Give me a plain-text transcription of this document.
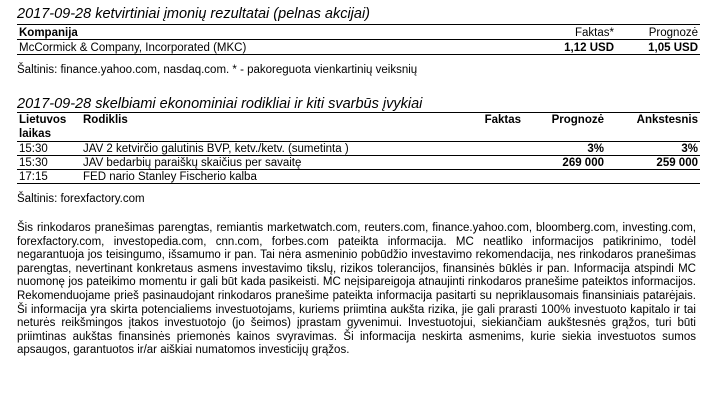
2017-09-28 ketvirtiniai įmonių rezultatai (pelnas akcijai)
Kompanija	Faktas*	Prognozė
McCormick & Company, Incorporated (MKC)	1,12 USD	1,05 USD
Šaltinis: finance.yahoo.com, nasdaq.com. * - pakoreguota vienkartinių veiksnių
2017-09-28 skelbiami ekonominiai rodikliai ir kiti svarbūs įvykiai
Lietuvos
laikas	Rodiklis	Faktas	Prognozė	Ankstesnis
15:30	JAV 2 ketvirčio galutinis BVP, ketv./ketv. (sumetinta )		3%	3%
15:30	JAV bedarbių paraiškų skaičius per savaitę		269 000	259 000
17:15	FED nario Stanley Fischerio kalba			
Šaltinis: forexfactory.com

Šis rinkodaros pranešimas parengtas, remiantis marketwatch.com, reuters.com, finance.yahoo.com, bloomberg.com, investing.com, forexfactory.com, investopedia.com, cnn.com, forbes.com pateikta informacija. MC neatliko informacijos patikrinimo, todėl negarantuoja jos teisingumo, išsamumo ir pan. Tai nėra asmeninio pobūdžio investavimo rekomendacija, nes rinkodaros pranešimas parengtas, nevertinant konkretaus asmens investavimo tikslų, rizikos tolerancijos, finansinės būklės ir pan. Informacija atspindi MC nuomonę jos pateikimo momentu ir gali būt kada pasikeisti. MC neįsipareigoja atnaujinti rinkodaros pranešime pateiktos informacijos. Rekomenduojame prieš pasinaudojant rinkodaros pranešime pateikta informacija pasitarti su nepriklausomais finansiniais patarėjais. Ši informacija yra skirta potencialiems investuotojams, kuriems priimtina aukšta rizika, jie gali prarasti 100% investuoto kapitalo ir tai neturės reikšmingos įtakos investuotojo (jo šeimos) įprastam gyvenimui. Investuotojui, siekiančiam aukštesnės grąžos, turi būti priimtinas aukštas finansinės priemonės kainos svyravimas. Ši informacija neskirta asmenims, kurie siekia investuotos sumos apsaugos, garantuotos ir/ar aiškiai numatomos investicijų grąžos.
